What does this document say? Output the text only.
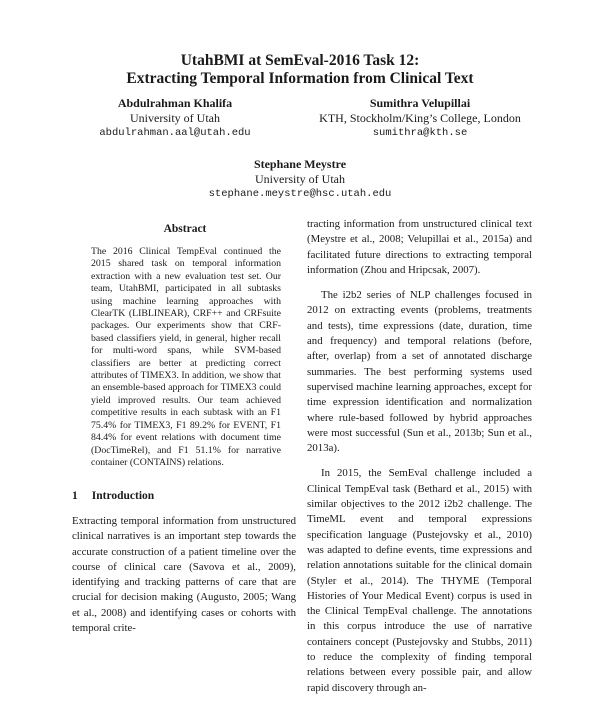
UtahBMI at SemEval-2016 Task 12:
Extracting Temporal Information from Clinical Text
Abdulrahman Khalifa
University of Utah
abdulrahman.aal@utah.edu
Sumithra Velupillai
KTH, Stockholm/King’s College, London
sumithra@kth.se
Stephane Meystre
University of Utah
stephane.meystre@hsc.utah.edu
Abstract
The 2016 Clinical TempEval continued the 2015 shared task on temporal information extraction with a new evaluation test set. Our team, UtahBMI, participated in all subtasks using machine learning approaches with ClearTK (LIBLINEAR), CRF++ and CRFsuite packages. Our experiments show that CRF-based classifiers yield, in general, higher recall for multi-word spans, while SVM-based classifiers are better at predicting correct attributes of TIMEX3. In addition, we show that an ensemble-based approach for TIMEX3 could yield improved results. Our team achieved competitive results in each subtask with an F1 75.4% for TIMEX3, F1 89.2% for EVENT, F1 84.4% for event relations with document time (DocTimeRel), and F1 51.1% for narrative container (CONTAINS) relations.
1 Introduction

Extracting temporal information from unstructured clinical narratives is an important step towards the accurate construction of a patient timeline over the course of clinical care (Savova et al., 2009), identifying and tracking patterns of care that are crucial for decision making (Augusto, 2005; Wang et al., 2008) and identifying cases or cohorts with temporal crite-

tracting information from unstructured clinical text (Meystre et al., 2008; Velupillai et al., 2015a) and facilitated future directions to extracting temporal information (Zhou and Hripcsak, 2007).

The i2b2 series of NLP challenges focused in 2012 on extracting events (problems, treatments and tests), time expressions (date, duration, time and frequency) and temporal relations (before, after, overlap) from a set of annotated discharge summaries. The best performing systems used supervised machine learning approaches, except for time expression identification and normalization where rule-based followed by hybrid approaches were most successful (Sun et al., 2013b; Sun et al., 2013a).

In 2015, the SemEval challenge included a Clinical TempEval task (Bethard et al., 2015) with similar objectives to the 2012 i2b2 challenge. The TimeML event and temporal expressions specification language (Pustejovsky et al., 2010) was adapted to define events, time expressions and relation annotations suitable for the clinical domain (Styler et al., 2014). The THYME (Temporal Histories of Your Medical Event) corpus is used in the Clinical TempEval challenge. The annotations in this corpus introduce the use of narrative containers concept (Pustejovsky and Stubbs, 2011) to reduce the complexity of finding temporal relations between every possible pair, and allow rapid discovery through an-
